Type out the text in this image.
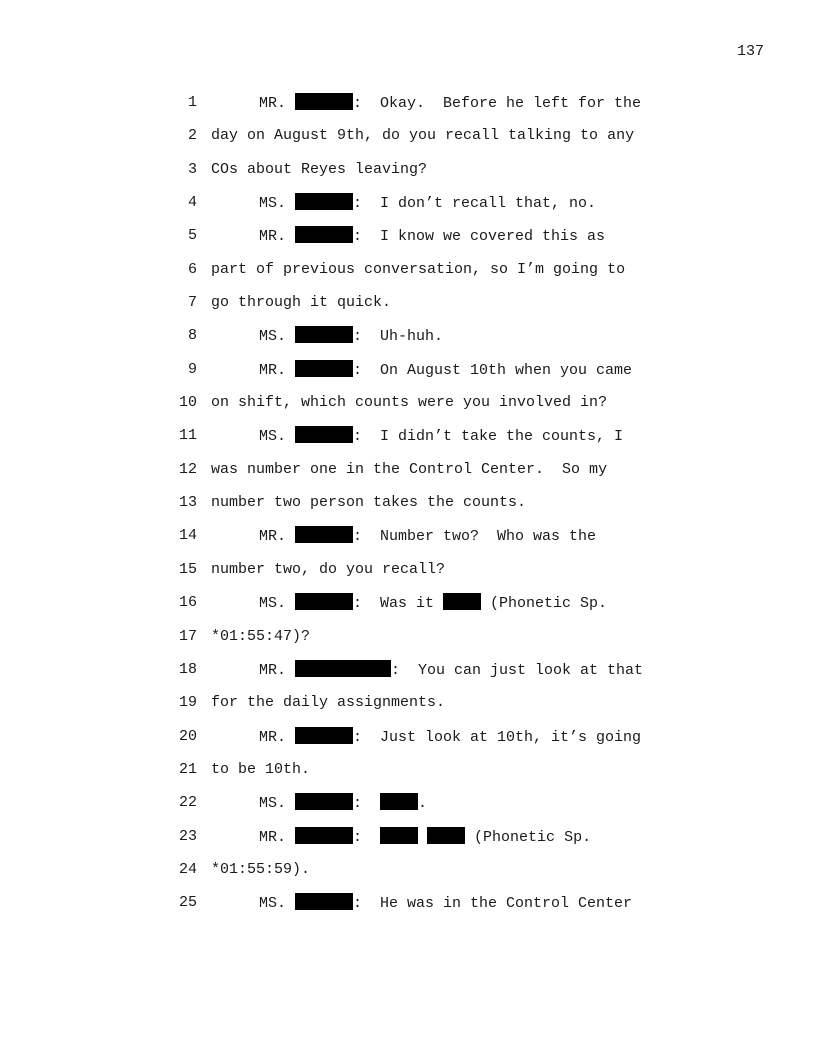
137
1	MR.	:  Okay.  Before he left for the
2 day on August 9th, do you recall talking to any
3 COs about Reyes leaving?
4	MS.	:  I don’t recall that, no.
5	MR.	:  I know we covered this as
6 part of previous conversation, so I’m going to
7 go through it quick.
8	MS.	:  Uh-huh.
9	MR.	:  On August 10th when you came
10 on shift, which counts were you involved in?
11	MS.	:  I didn’t take the counts, I
12 was number one in the Control Center.  So my
13 number two person takes the counts.
14	MR.	:  Number two?  Who was the
15 number two, do you recall?
16	MS.	:  Was it	(Phonetic Sp.
17 *01:55:47)?
18	MR.	:  You can just look at that
19 for the daily assignments.
20	MR.	:  Just look at 10th, it’s going
21 to be 10th.
22	MS.	:	.
23	MR.	:	(Phonetic Sp.
24 *01:55:59).
25	MS.	:  He was in the Control Center
